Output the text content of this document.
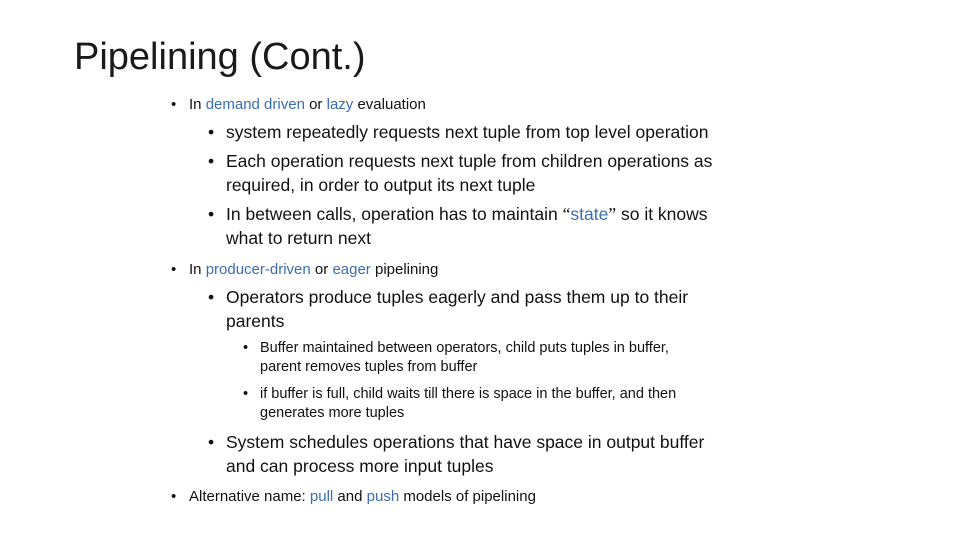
Pipelining (Cont.)
• In demand driven or lazy evaluation
• system repeatedly requests next tuple from top level operation
• Each operation requests next tuple from children operations as
required, in order to output its next tuple
• In between calls, operation has to maintain “state” so it knows
what to return next
• In producer-driven or eager pipelining
• Operators produce tuples eagerly and pass them up to their
parents
• Buffer maintained between operators, child puts tuples in buffer,
parent removes tuples from buffer
• if buffer is full, child waits till there is space in the buffer, and then
generates more tuples
• System schedules operations that have space in output buffer
and can process more input tuples
• Alternative name: pull and push models of pipelining
